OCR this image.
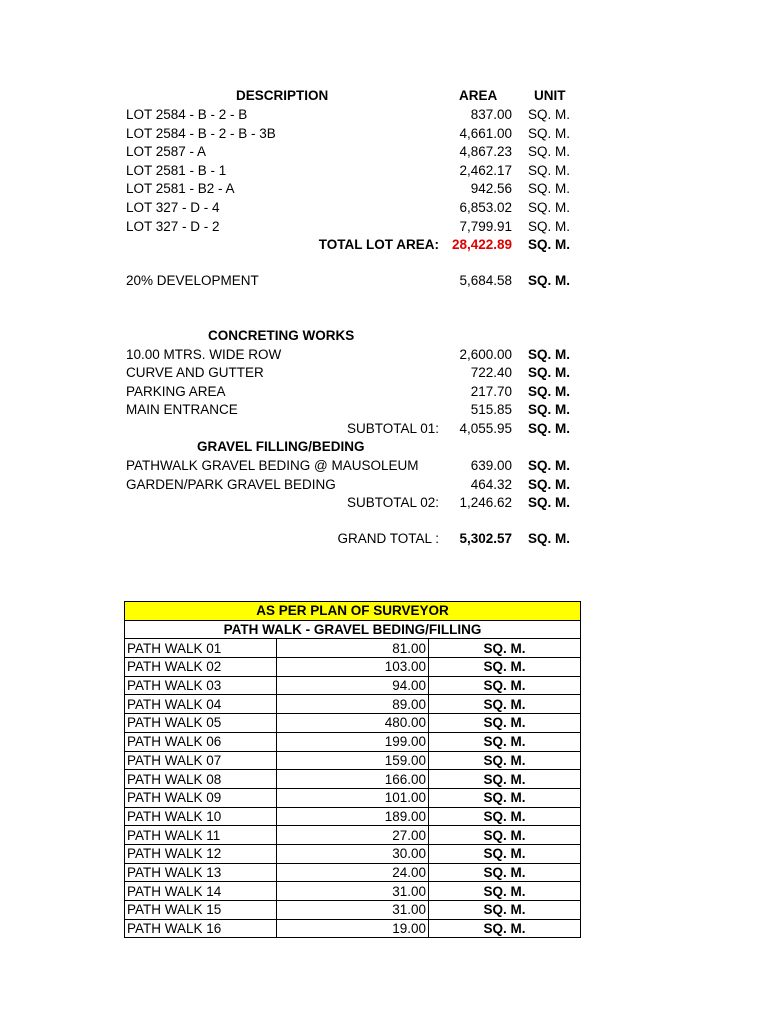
DESCRIPTION	AREA	UNIT
LOT 2584 - B - 2 - B	837.00 SQ. M.
LOT 2584 - B - 2 - B - 3B	4,661.00 SQ. M.
LOT 2587 - A	4,867.23 SQ. M.
LOT 2581 - B - 1	2,462.17 SQ. M.
LOT 2581 - B2 - A	942.56 SQ. M.
LOT 327 - D - 4	6,853.02 SQ. M.
LOT 327 - D - 2	7,799.91 SQ. M.
TOTAL LOT AREA: 28,422.89 SQ. M.
20% DEVELOPMENT	5,684.58 SQ. M.
CONCRETING WORKS
10.00 MTRS. WIDE ROW	2,600.00 SQ. M.
CURVE AND GUTTER	722.40 SQ. M.
PARKING AREA	217.70 SQ. M.
MAIN ENTRANCE	515.85 SQ. M.
SUBTOTAL 01: 4,055.95 SQ. M.
GRAVEL FILLING/BEDING
PATHWALK GRAVEL BEDING @ MAUSOLEUM	639.00 SQ. M.
GARDEN/PARK GRAVEL BEDING	464.32 SQ. M.
SUBTOTAL 02: 1,246.62 SQ. M.
GRAND TOTAL : 5,302.57 SQ. M.
AS PER PLAN OF SURVEYOR		
PATH WALK - GRAVEL BEDING/FILLING		
PATH WALK 01	81.00	SQ. M.
PATH WALK 02	103.00	SQ. M.
PATH WALK 03	94.00	SQ. M.
PATH WALK 04	89.00	SQ. M.
PATH WALK 05	480.00	SQ. M.
PATH WALK 06	199.00	SQ. M.
PATH WALK 07	159.00	SQ. M.
PATH WALK 08	166.00	SQ. M.
PATH WALK 09	101.00	SQ. M.
PATH WALK 10	189.00	SQ. M.
PATH WALK 11	27.00	SQ. M.
PATH WALK 12	30.00	SQ. M.
PATH WALK 13	24.00	SQ. M.
PATH WALK 14	31.00	SQ. M.
PATH WALK 15	31.00	SQ. M.
PATH WALK 16	19.00	SQ. M.
